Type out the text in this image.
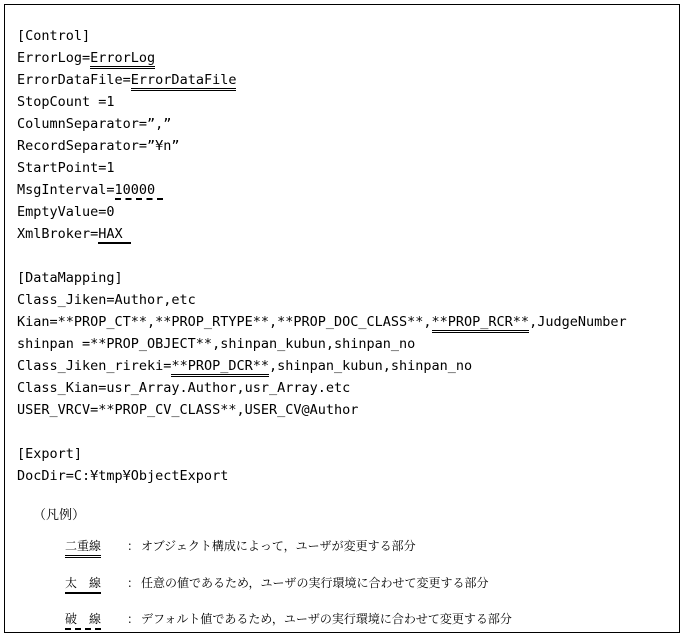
[Control]
ErrorLog=ErrorLog
ErrorDataFile=ErrorDataFile
StopCount =1
ColumnSeparator=”,”
RecordSeparator=”¥n”
StartPoint=1
MsgInterval=10000
EmptyValue=0
XmlBroker=HAX
[DataMapping]
Class_Jiken=Author,etc
Kian=**PROP_CT**,**PROP_RTYPE**,**PROP_DOC_CLASS**,**PROP_RCR**,JudgeNumber
shinpan =**PROP_OBJECT**,shinpan_kubun,shinpan_no
Class_Jiken_rireki=**PROP_DCR**,shinpan_kubun,shinpan_no
Class_Kian=usr_Array.Author,usr_Array.etc
USER_VRCV=**PROP_CV_CLASS**,USER_CV@Author
[Export]
DocDir=C:¥tmp¥ObjectExport
（凡例）
二重線	： オブジェクト構成によって，ユーザが変更する部分
太　線	： 任意の値であるため，ユーザの実行環境に合わせて変更する部分
破　線	： デフォルト値であるため，ユーザの実行環境に合わせて変更する部分
